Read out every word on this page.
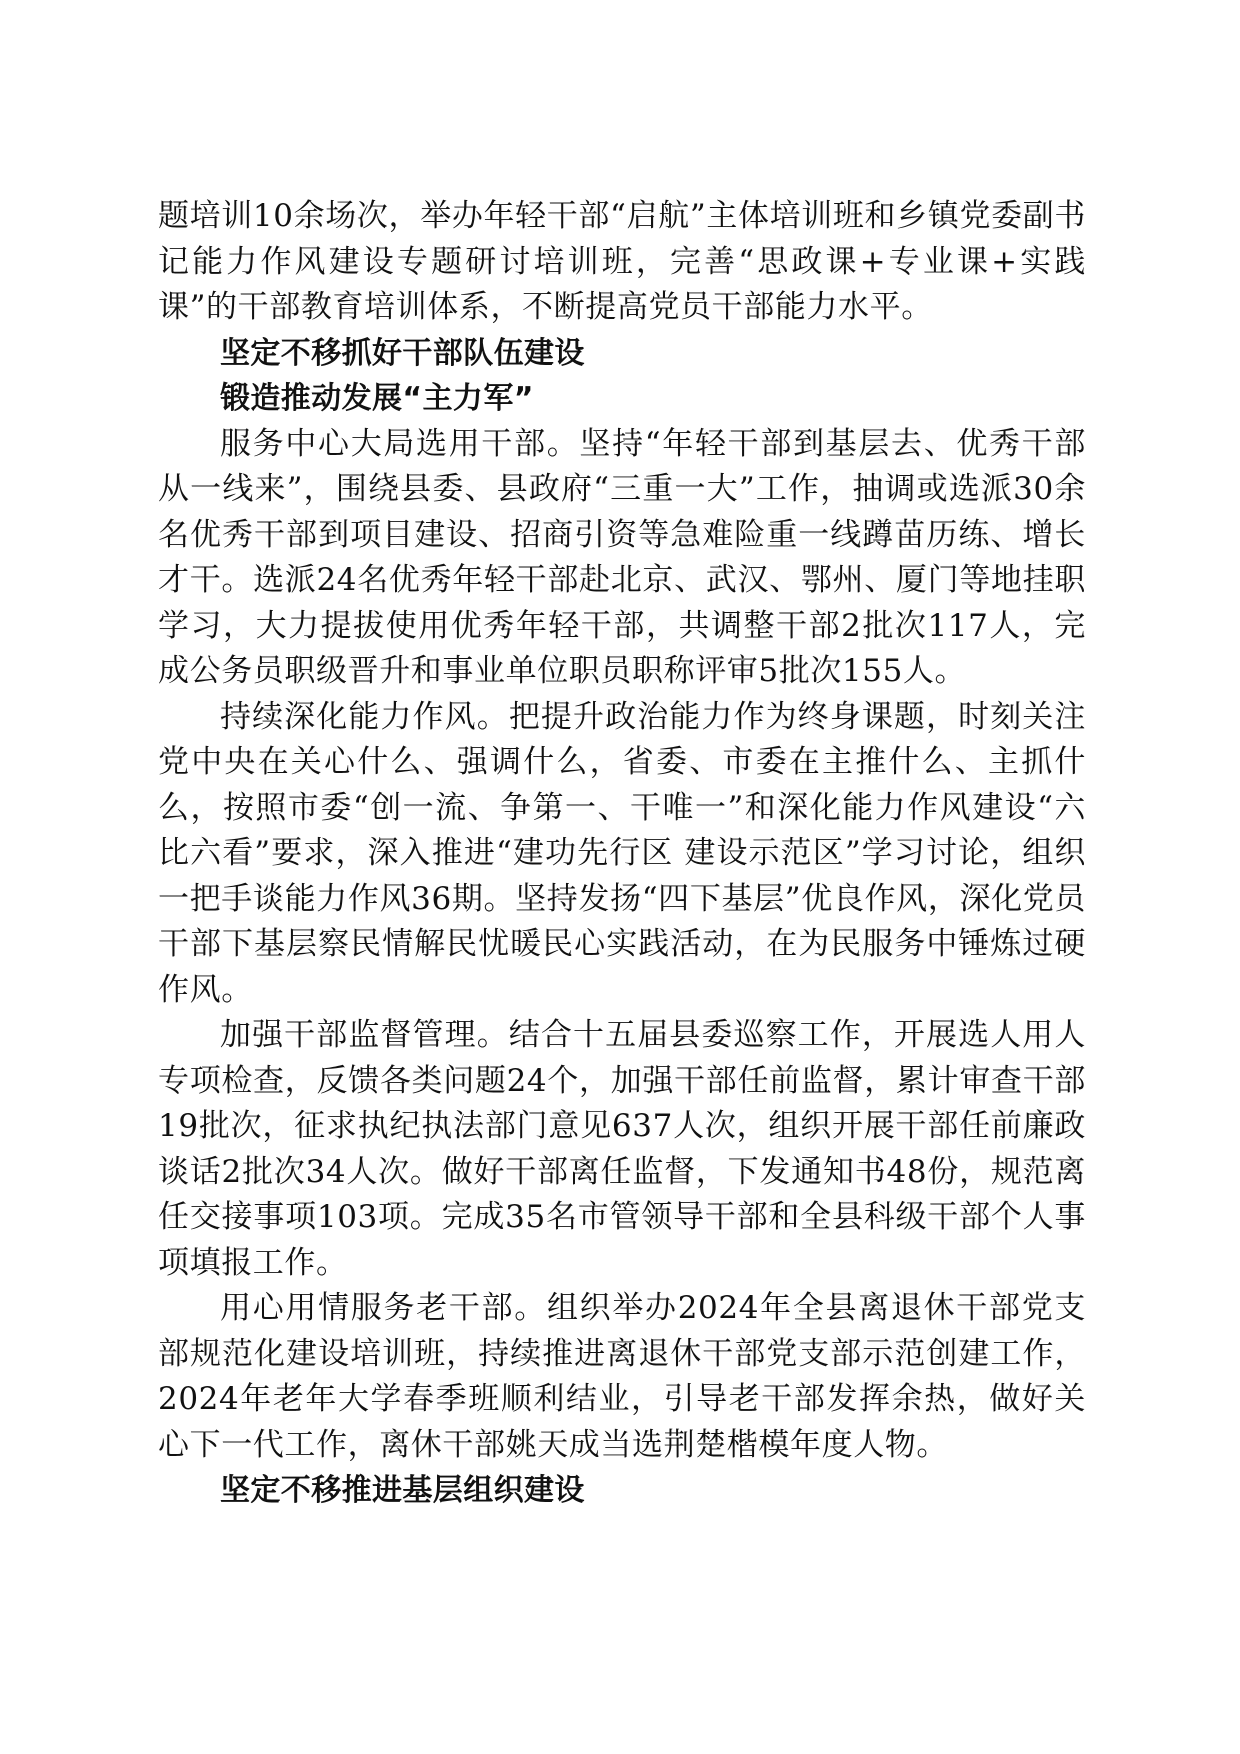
题培训10余场次，举办年轻干部“启航”主体培训班和乡镇党委副书记能力作风建设专题研讨培训班，完善“思政课+专业课+实践课”的干部教育培训体系，不断提高党员干部能力水平。

坚定不移抓好干部队伍建设

锻造推动发展“主力军”

服务中心大局选用干部。坚持“年轻干部到基层去、优秀干部从一线来”，围绕县委、县政府“三重一大”工作，抽调或选派30余名优秀干部到项目建设、招商引资等急难险重一线蹲苗历练、增长才干。选派24名优秀年轻干部赴北京、武汉、鄂州、厦门等地挂职学习，大力提拔使用优秀年轻干部，共调整干部2批次117人，完成公务员职级晋升和事业单位职员职称评审5批次155人。

持续深化能力作风。把提升政治能力作为终身课题，时刻关注党中央在关心什么、强调什么，省委、市委在主推什么、主抓什么，按照市委“创一流、争第一、干唯一”和深化能力作风建设“六比六看”要求，深入推进“建功先行区 建设示范区”学习讨论，组织一把手谈能力作风36期。坚持发扬“四下基层”优良作风，深化党员干部下基层察民情解民忧暖民心实践活动，在为民服务中锤炼过硬作风。

加强干部监督管理。结合十五届县委巡察工作，开展选人用人专项检查，反馈各类问题24个，加强干部任前监督，累计审查干部19批次，征求执纪执法部门意见637人次，组织开展干部任前廉政谈话2批次34人次。做好干部离任监督，下发通知书48份，规范离任交接事项103项。完成35名市管领导干部和全县科级干部个人事项填报工作。

用心用情服务老干部。组织举办2024年全县离退休干部党支部规范化建设培训班，持续推进离退休干部党支部示范创建工作，2024年老年大学春季班顺利结业，引导老干部发挥余热，做好关心下一代工作，离休干部姚天成当选荆楚楷模年度人物。

坚定不移推进基层组织建设
